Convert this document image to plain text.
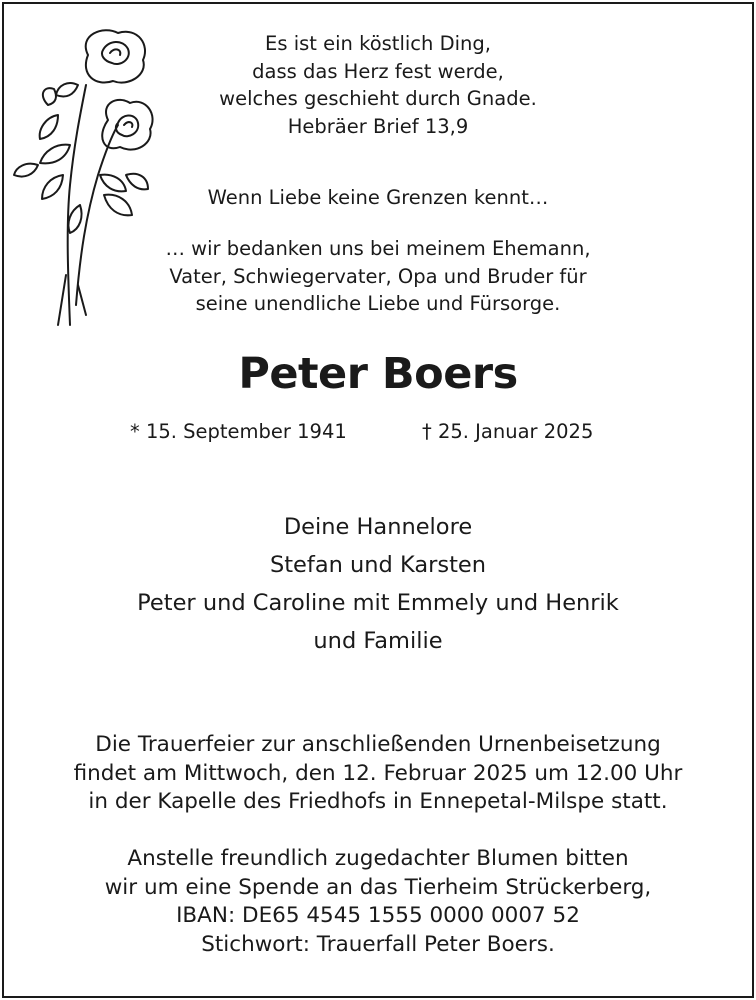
Es ist ein köstlich Ding,
dass das Herz fest werde,
welches geschieht durch Gnade.
Hebräer Brief 13,9
Wenn Liebe keine Grenzen kennt…
… wir bedanken uns bei meinem Ehemann,
Vater, Schwiegervater, Opa und Bruder für
seine unendliche Liebe und Fürsorge.
Peter Boers
* 15. September 1941	† 25. Januar 2025
Deine Hannelore
Stefan und Karsten
Peter und Caroline mit Emmely und Henrik
und Familie
Die Trauerfeier zur anschließenden Urnenbeisetzung
findet am Mittwoch, den 12. Februar 2025 um 12.00 Uhr
in der Kapelle des Friedhofs in Ennepetal-Milspe statt.
Anstelle freundlich zugedachter Blumen bitten
wir um eine Spende an das Tierheim Strückerberg,
IBAN: DE65 4545 1555 0000 0007 52
Stichwort: Trauerfall Peter Boers.
